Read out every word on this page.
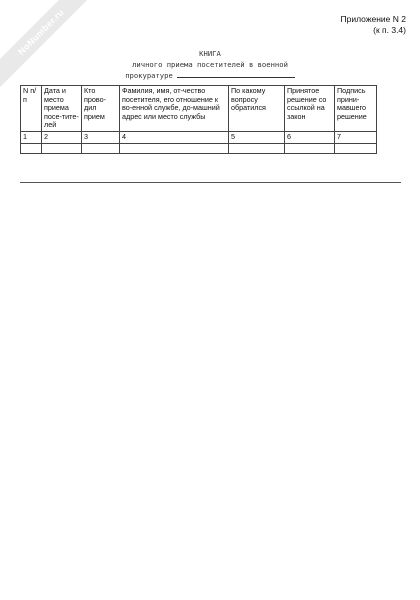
NoNumber.ru	Приложение N 2
(к п. 3.4)
КНИГА
личного приема посетителей в военной
прокуратуре
N п/п	Дата и место приема посе-тите-лей	Кто прово-дил прием	Фамилия, имя, от-чество посетителя, его отношение к во-енной службе, до-машний адрес или место службы	По какому вопросу обратился	Принятое решение со ссылкой на закон	Подпись прини-мавшего решение
1	2	3	4	5	6	7
